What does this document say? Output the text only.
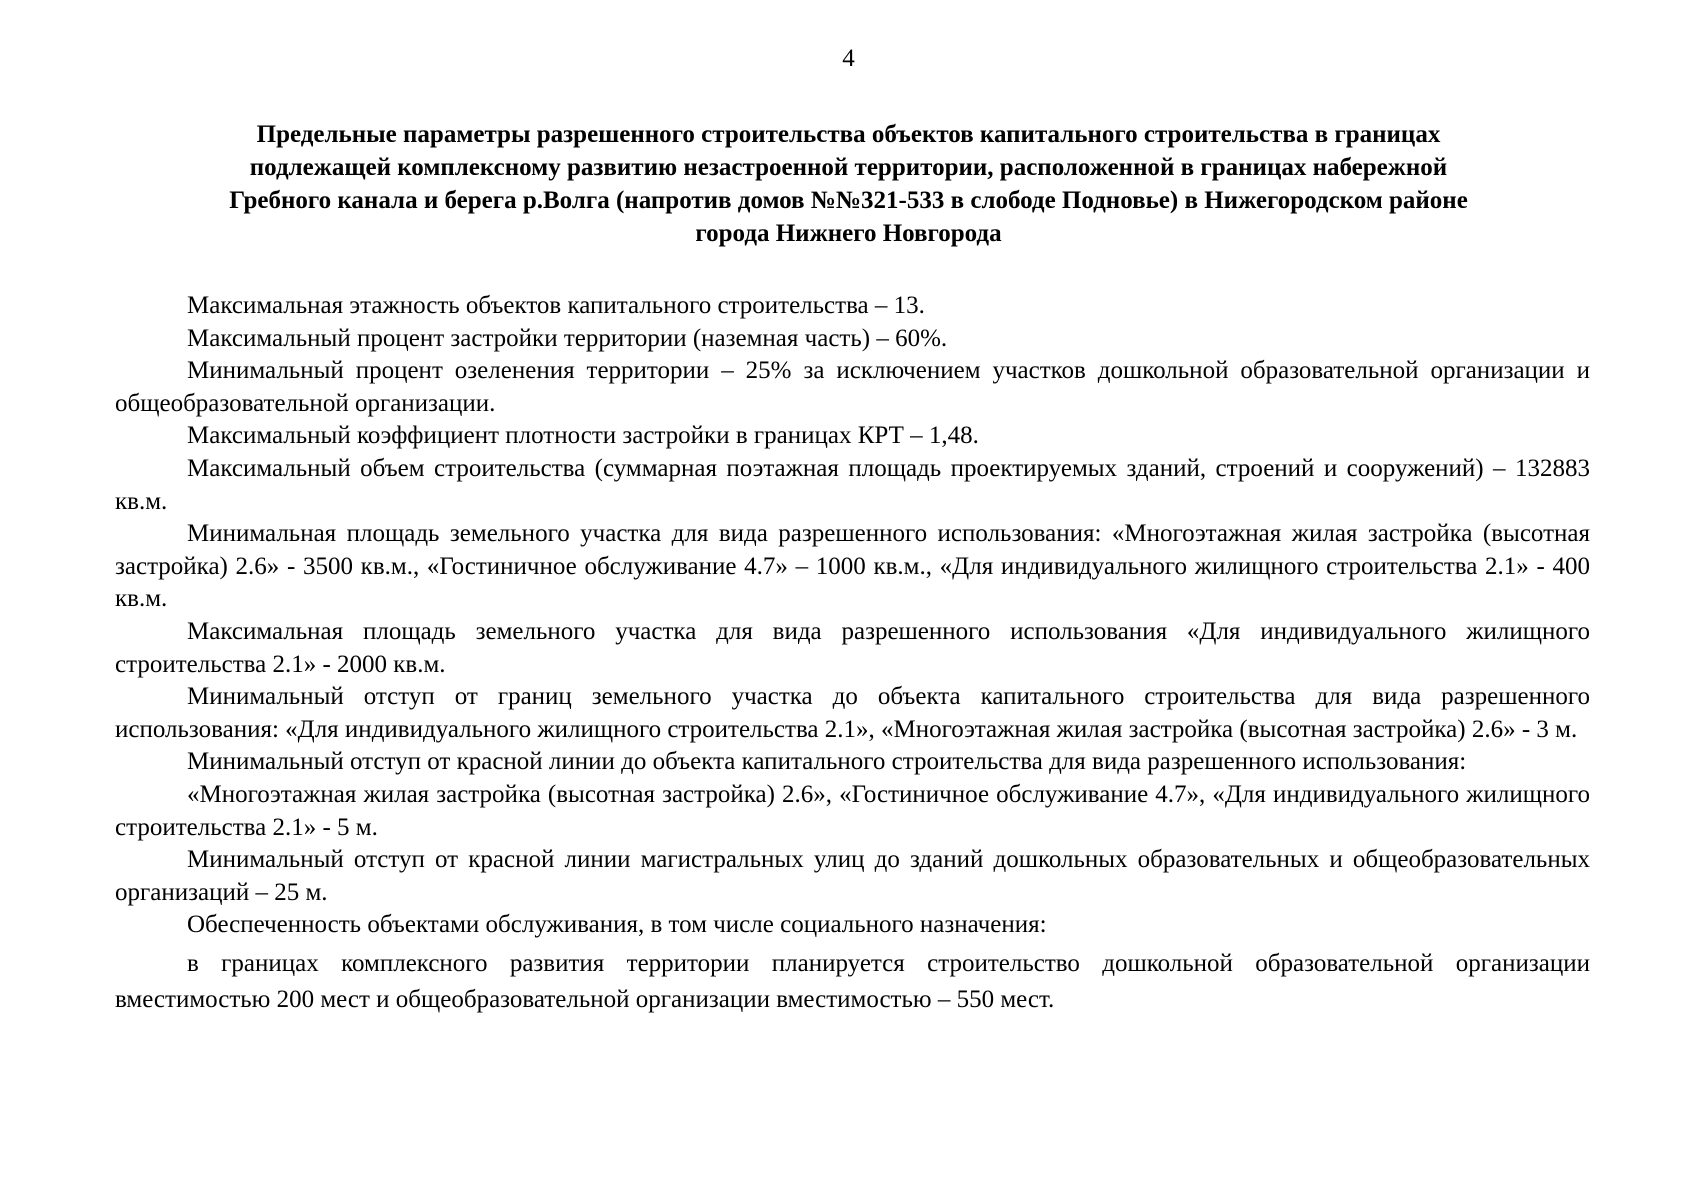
4
Предельные параметры разрешенного строительства объектов капитального строительства в границах
подлежащей комплексному развитию незастроенной территории, расположенной в границах набережной
Гребного канала и берега р.Волга (напротив домов №№321-533 в слободе Подновье) в Нижегородском районе
города Нижнего Новгорода

Максимальная этажность объектов капитального строительства – 13.

Максимальный процент застройки территории (наземная часть) – 60%.

Минимальный процент озеленения территории – 25% за исключением участков дошкольной образовательной организации и общеобразовательной организации.

Максимальный коэффициент плотности застройки в границах КРТ – 1,48.

Максимальный объем строительства (суммарная поэтажная площадь проектируемых зданий, строений и сооружений) – 132883 кв.м.

Минимальная площадь земельного участка для вида разрешенного использования: «Многоэтажная жилая застройка (высотная застройка) 2.6» - 3500 кв.м., «Гостиничное обслуживание 4.7» – 1000 кв.м., «Для индивидуального жилищного строительства 2.1» - 400 кв.м.

Максимальная площадь земельного участка для вида разрешенного использования «Для индивидуального жилищного строительства 2.1» - 2000 кв.м.

Минимальный отступ от границ земельного участка до объекта капитального строительства для вида разрешенного использования: «Для индивидуального жилищного строительства 2.1», «Многоэтажная жилая застройка (высотная застройка) 2.6» - 3 м.

Минимальный отступ от красной линии до объекта капитального строительства для вида разрешенного использования:

«Многоэтажная жилая застройка (высотная застройка) 2.6», «Гостиничное обслуживание 4.7», «Для индивидуального жилищного строительства 2.1» - 5 м.

Минимальный отступ от красной линии магистральных улиц до зданий дошкольных образовательных и общеобразовательных организаций – 25 м.

Обеспеченность объектами обслуживания, в том числе социального назначения:

в границах комплексного развития территории планируется строительство дошкольной образовательной организации вместимостью 200 мест и общеобразовательной организации вместимостью – 550 мест.
